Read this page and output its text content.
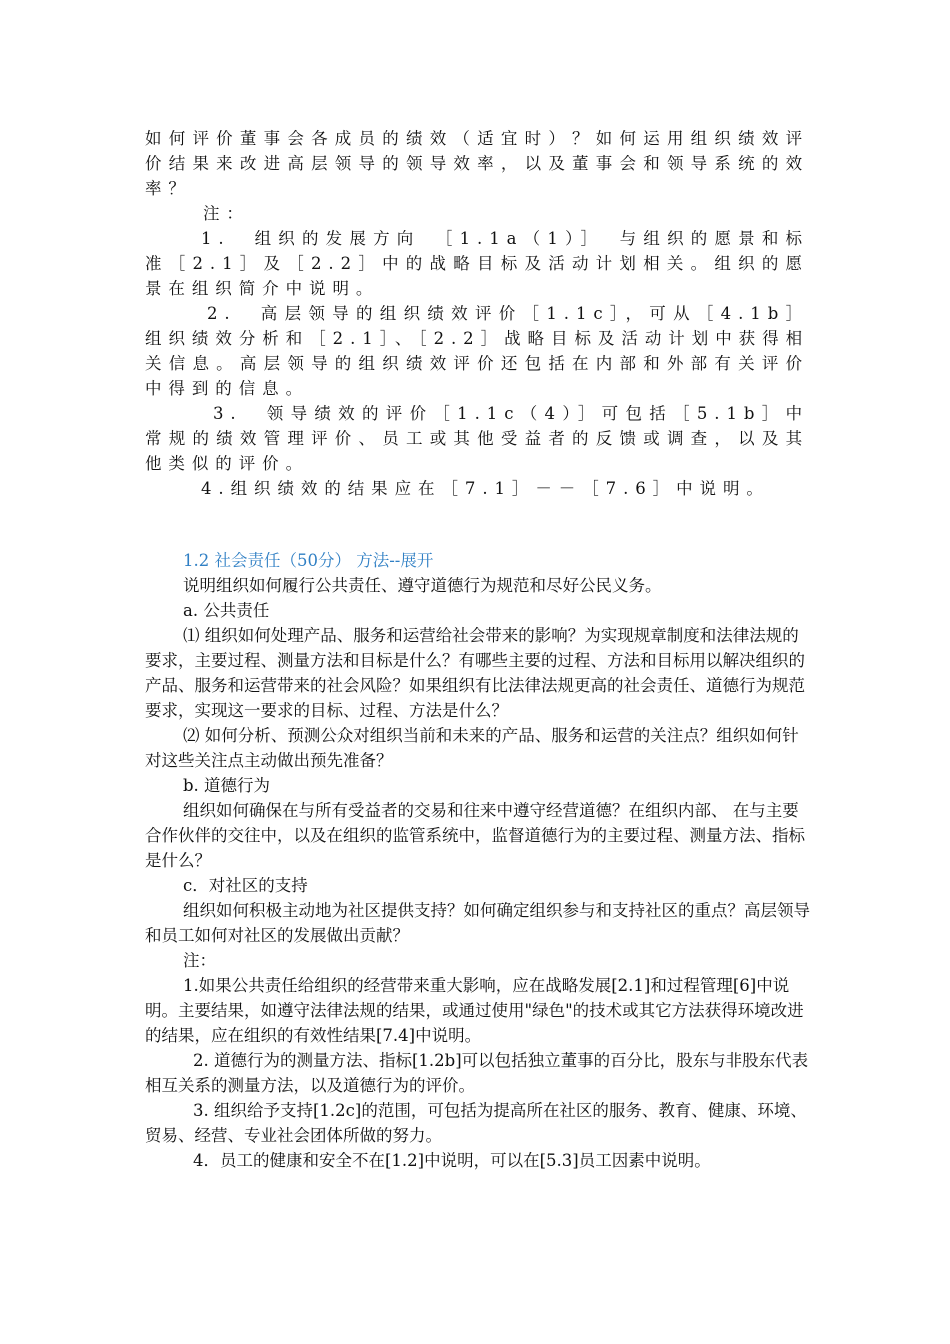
如何评价董事会各成员的绩效（适宜时）？如何运用组织绩效评价结果来改进高层领导的领导效率，以及董事会和领导系统的效率？

注：

1.　组织的发展方向　［1.1a（1）］　与组织的愿景和标准［2.1］及［2.2］中的战略目标及活动计划相关。组织的愿景在组织简介中说明。

2.　高层领导的组织绩效评价［1.1c］，可从［4.1b］组织绩效分析和［2.1］、［2.2］战略目标及活动计划中获得相关信息。高层领导的组织绩效评价还包括在内部和外部有关评价中得到的信息。

3.　领导绩效的评价［1.1c（4）］可包括［5.1b］中常规的绩效管理评价、员工或其他受益者的反馈或调查，以及其他类似的评价。

4.组织绩效的结果应在［7.1］－－［7.6］中说明。

1.2 社会责任（50分） 方法--展开

说明组织如何履行公共责任、遵守道德行为规范和尽好公民义务。

a. 公共责任

⑴ 组织如何处理产品、服务和运营给社会带来的影响？为实现规章制度和法律法规的要求，主要过程、测量方法和目标是什么？有哪些主要的过程、方法和目标用以解决组织的产品、服务和运营带来的社会风险？如果组织有比法律法规更高的社会责任、道德行为规范要求，实现这一要求的目标、过程、方法是什么？

⑵ 如何分析、预测公众对组织当前和未来的产品、服务和运营的关注点？组织如何针对这些关注点主动做出预先准备？

b. 道德行为

组织如何确保在与所有受益者的交易和往来中遵守经营道德？在组织内部、 在与主要合作伙伴的交往中，以及在组织的监管系统中，监督道德行为的主要过程、测量方法、指标是什么？

c．对社区的支持

组织如何积极主动地为社区提供支持？如何确定组织参与和支持社区的重点？高层领导和员工如何对社区的发展做出贡献？

注：

1.如果公共责任给组织的经营带来重大影响，应在战略发展[2.1]和过程管理[6]中说明。主要结果，如遵守法律法规的结果，或通过使用"绿色"的技术或其它方法获得环境改进的结果，应在组织的有效性结果[7.4]中说明。

2. 道德行为的测量方法、指标[1.2b]可以包括独立董事的百分比，股东与非股东代表相互关系的测量方法，以及道德行为的评价。

3. 组织给予支持[1.2c]的范围，可包括为提高所在社区的服务、教育、健康、环境、贸易、经营、专业社会团体所做的努力。

4．员工的健康和安全不在[1.2]中说明，可以在[5.3]员工因素中说明。
